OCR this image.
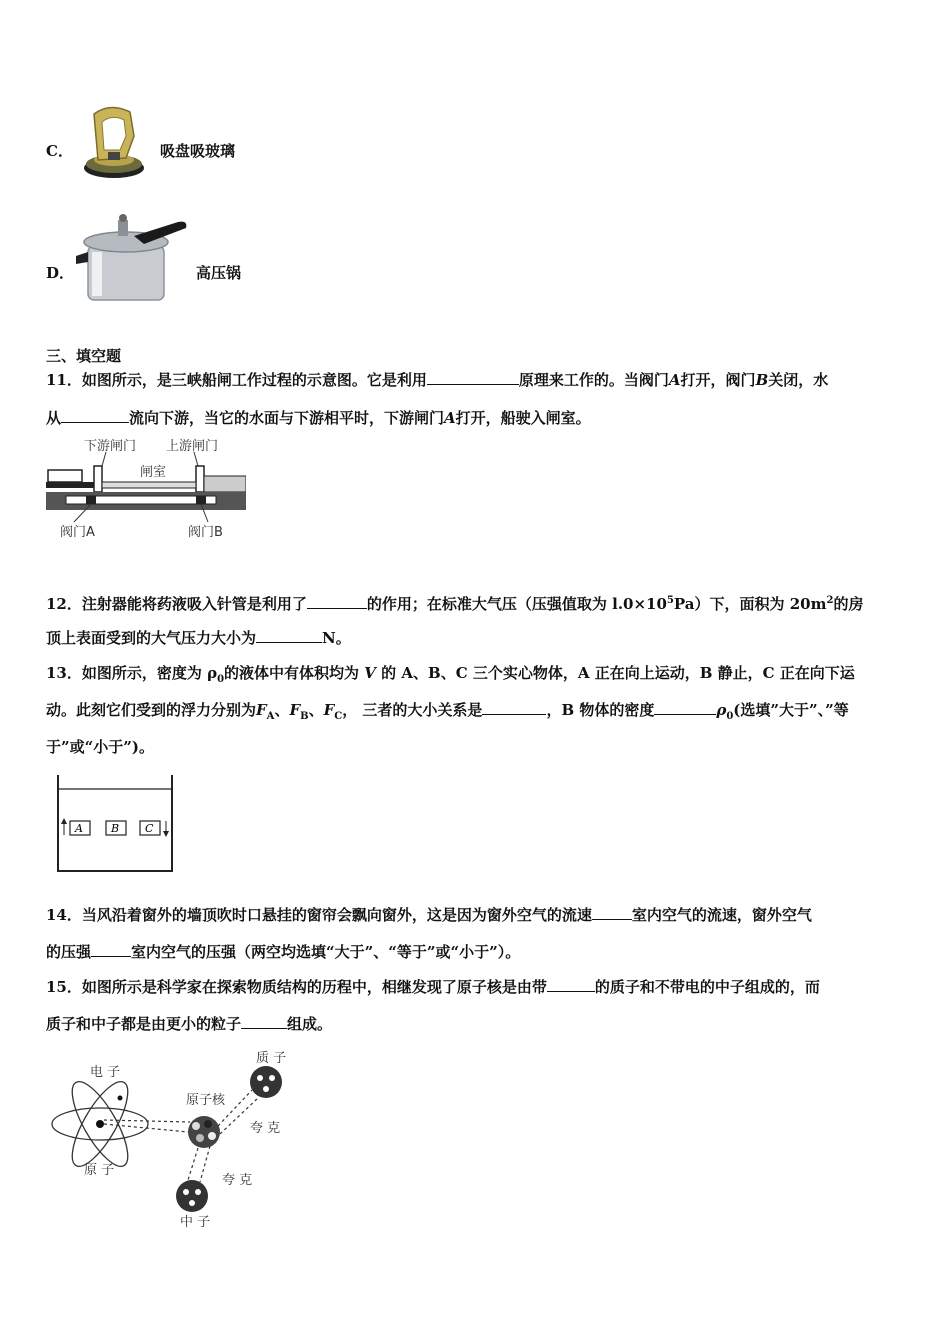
C．	吸盘吸玻璃
D．	高压锅
三、填空题
11．如图所示，是三峡船闸工作过程的示意图。它是利用	原理来工作的。当阀门A打开，阀门B关闭，水
从	流向下游，当它的水面与下游相平时，下游闸门A打开，船驶入闸室。
下游闸门 上游闸门
闸室
阀门A	阀门B
12．注射器能将药液吸入针管是利用了	的作用；在标准大气压（压强值取为 $l.0\times 10^5Pa$）下，面积为 $20m^2$的房
顶上表面受到的大气压力大小为	N。
13．如图所示，密度为 $\rho_0$的液体中有体积均为 V 的 A、B、C 三个实心物体，A 正在向上运动，B 静止，C 正在向下运
动。此刻它们受到的浮力分别为$F_A$、$F_B$、$F_C$， 三者的大小关系是	，B 物体的密度	$\rho_0$(选填”大于”、”等
于”或“小于”)。
A	B C
14．当风沿着窗外的墙顶吹时口悬挂的窗帘会飘向窗外，这是因为窗外空气的流速	室内空气的流速，窗外空气
的压强	室内空气的压强（两空均选填“大于”、“等于”或“小于”）。
15．如图所示是科学家在探索物质结构的历程中，相继发现了原子核是由带	的质子和不带电的中子组成的，而
质子和中子都是由更小的粒子	组成。
电 子
原子核
质 子
夸 克
原 子
夸 克
中 子
